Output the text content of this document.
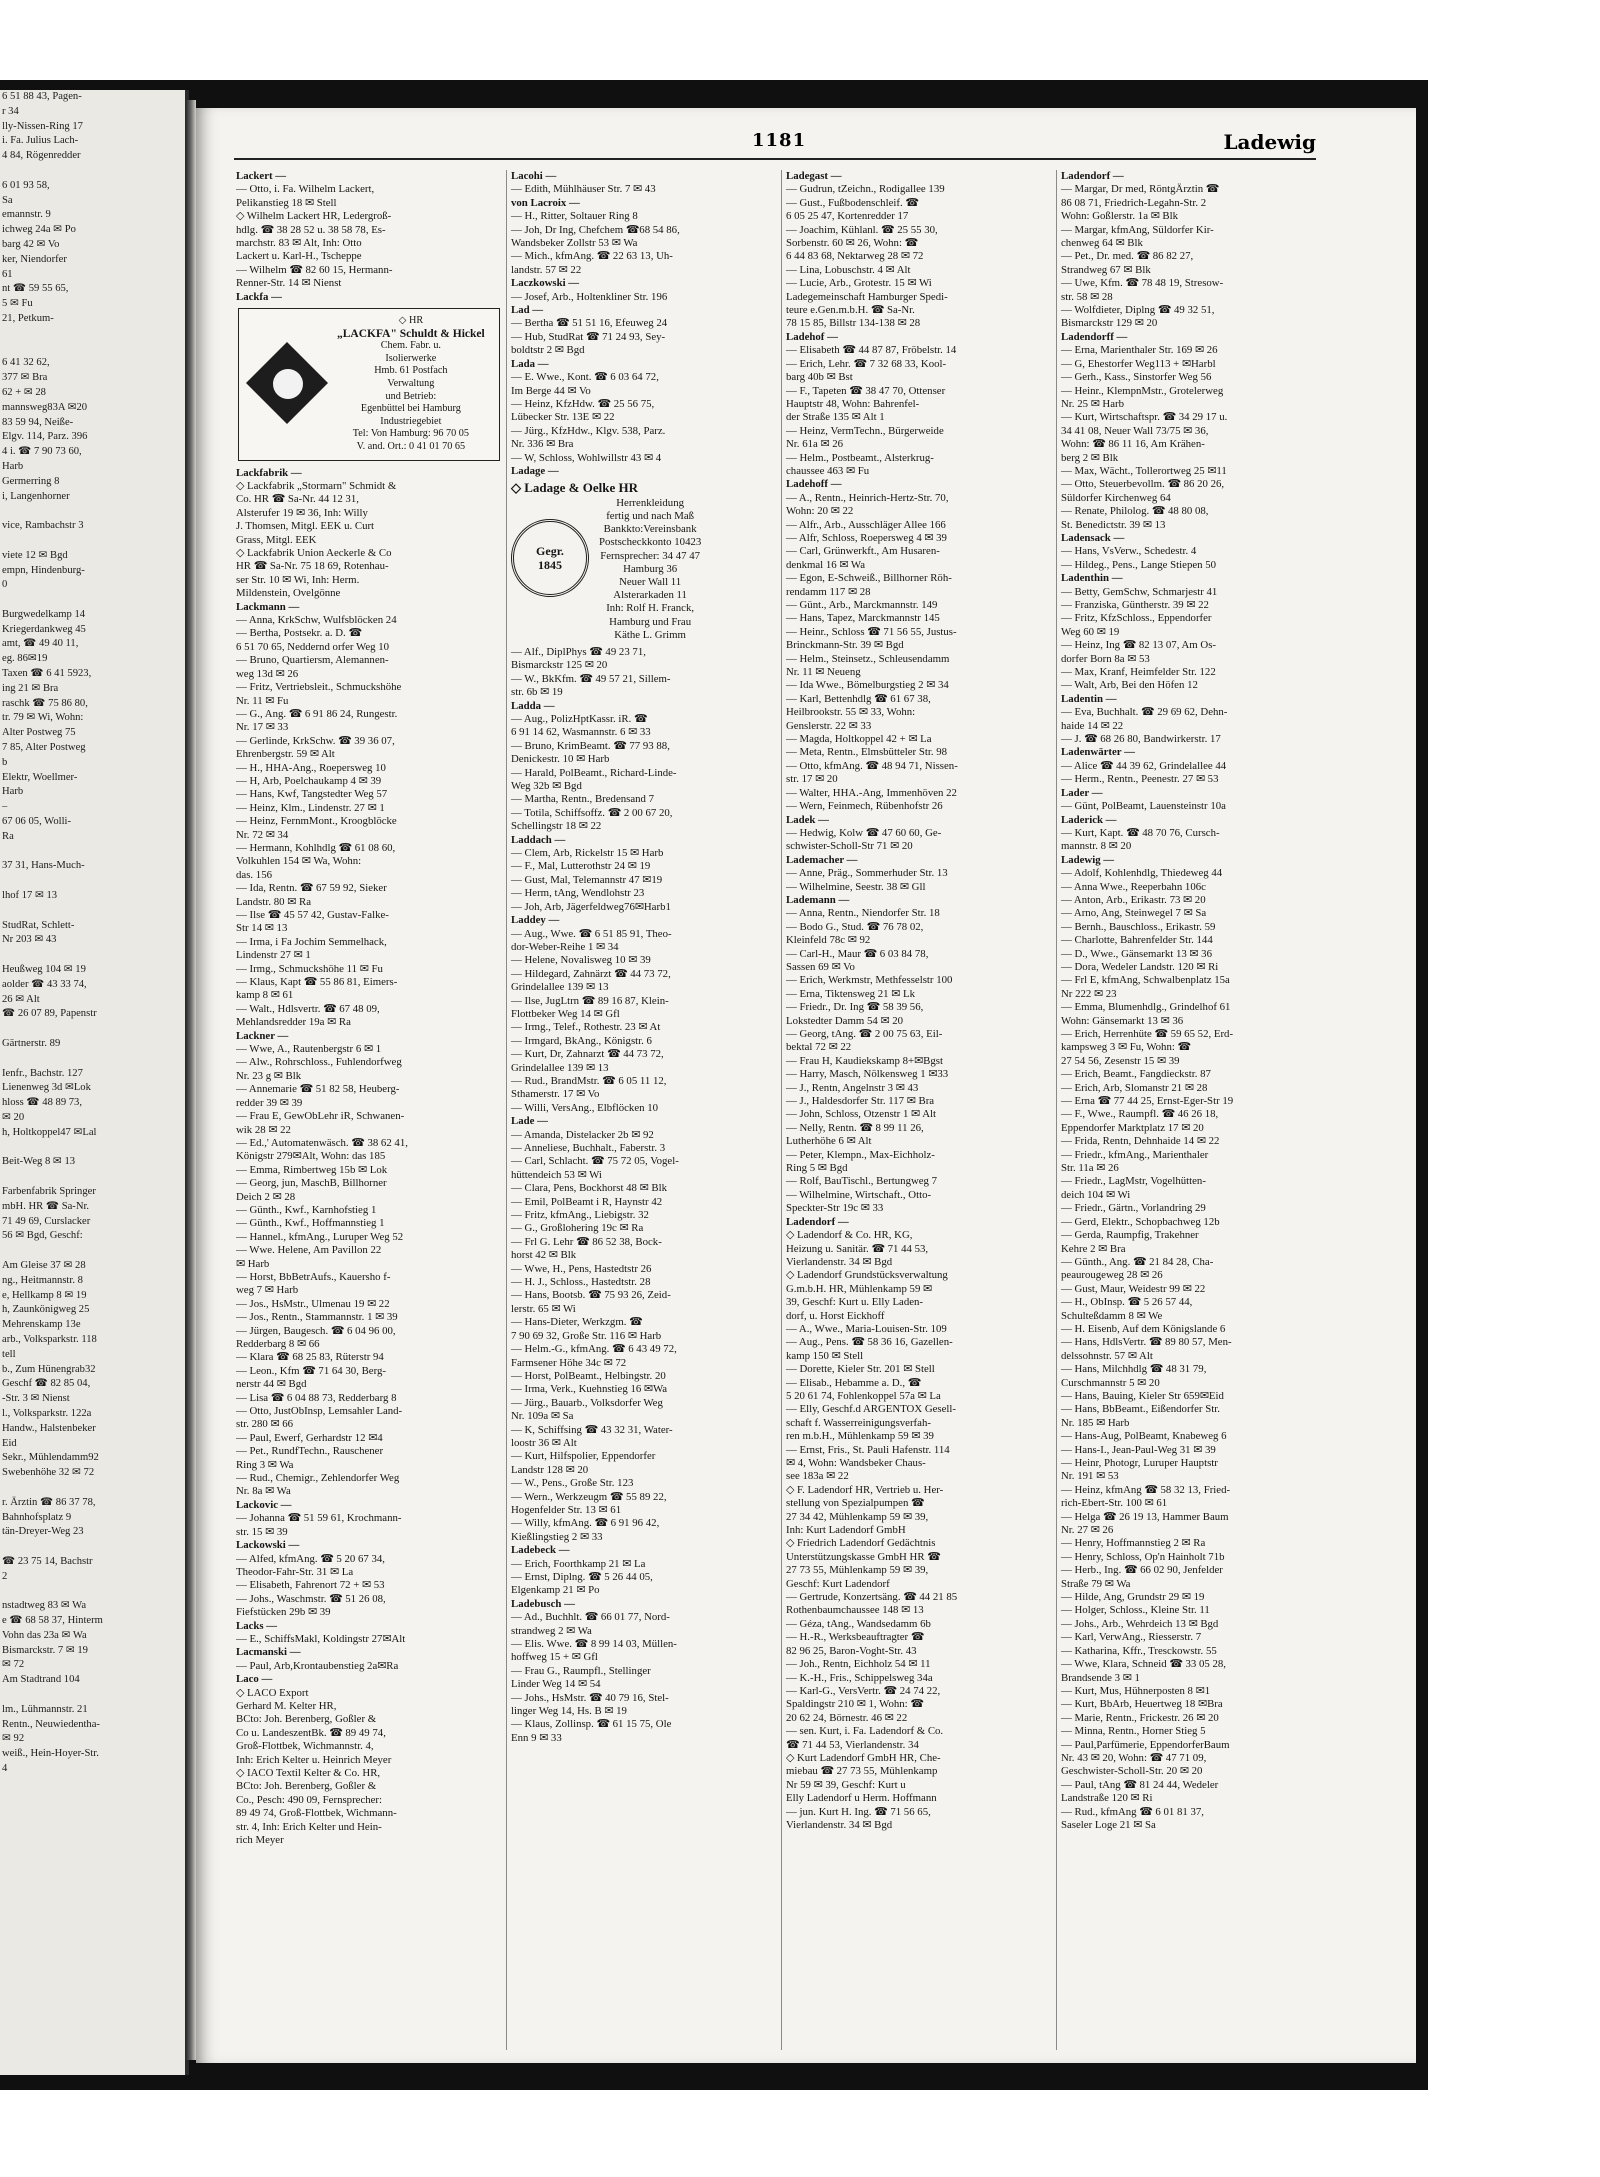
6 51 88 43, Pagen-
r 34
lly-Nissen-Ring 17
i. Fa. Julius Lach-
4 84, Rögenredder

6 01 93 58,
Sa
emannstr. 9
ichweg 24a ✉ Po
barg 42 ✉ Vo
ker, Niendorfer
61
nt ☎ 59 55 65,
5 ✉ Fu
21, Petkum-

6 41 32 62,
377 ✉ Bra
62 + ✉ 28
mannsweg83A ✉20
83 59 94, Neiße-
Elgv. 114, Parz. 396
4 i. ☎ 7 90 73 60,
Harb
Germerring 8
i, Langenhorner

vice, Rambachstr 3

viete 12 ✉ Bgd
empn, Hindenburg-
0

Burgwedelkamp 14
Kriegerdankweg 45
amt, ☎ 49 40 11,
eg. 86✉19
Taxen ☎ 6 41 5923,
ing 21 ✉ Bra
raschk ☎ 75 86 80,
tr. 79 ✉ Wi, Wohn:
Alter Postweg 75
7 85, Alter Postweg
b
Elektr, Woellmer-
Harb
–
67 06 05, Wolli-
Ra

37 31, Hans-Much-

lhof 17 ✉ 13

StudRat, Schlett-
Nr 203 ✉ 43

Heußweg 104 ✉ 19
aolder ☎ 43 33 74,
26 ✉ Alt
☎ 26 07 89, Papenstr

Gärtnerstr. 89

Ienfr., Bachstr. 127
Lienenweg 3d ✉Lok
hloss ☎ 48 89 73,
✉ 20
h, Holtkoppel47 ✉Lal

Beit-Weg 8 ✉ 13

Farbenfabrik Springer
mbH. HR ☎ Sa-Nr.
71 49 69, Curslacker
56 ✉ Bgd, Geschf:

Am Gleise 37 ✉ 28
ng., Heitmannstr. 8
e, Hellkamp 8 ✉ 19
h, Zaunkönigweg 25
Mehrenskamp 13e
arb., Volksparkstr. 118
tell
b., Zum Hünengrab32
Geschf ☎ 82 85 04,
-Str. 3 ✉ Nienst
l., Volksparkstr. 122a
Handw., Halstenbeker
Eid
Sekr., Mühlendamm92
Swebenhöhe 32 ✉ 72

r. Ärztin ☎ 86 37 78,
Bahnhofsplatz 9
tän-Dreyer-Weg 23

☎ 23 75 14, Bachstr
2

nstadtweg 83 ✉ Wa
e ☎ 68 58 37, Hinterm
Vohn das 23a ✉ Wa
Bismarckstr. 7 ✉ 19
✉ 72
Am Stadtrand 104

lm., Lühmannstr. 21
Rentn., Neuwiedenthа-
✉ 92
weiß., Hein-Hoyer-Str.
4
1181	Ladewig
Lackert —
— Otto, i. Fa. Wilhelm Lackert,
Pelikanstieg 18 ✉ Stell
◇ Wilhelm Lackert HR, Ledergroß-
hdlg. ☎ 38 28 52 u. 38 58 78, Es-
marchstr. 83 ✉ Alt, Inh: Otto
Lackert u. Karl-H., Tscheppe
— Wilhelm ☎ 82 60 15, Hermann-
Renner-Str. 14 ✉ Nienst
Lackfa —
◇ HR
„LACKFA" Schuldt & Hickel
Chem. Fabr. u.
Isolierwerke
Hmb. 61 Postfach
Verwaltung
und Betrieb:
Egenbüttel bei Hamburg
Industriegebiet
Tel: Von Hamburg: 96 70 05
V. and. Ort.: 0 41 01 70 65
Lackfabrik —
◇ Lackfabrik „Stormarn" Schmidt &
Co. HR ☎ Sa-Nr. 44 12 31,
Alsterufer 19 ✉ 36, Inh: Willy
J. Thomsen, Mitgl. EEK u. Curt
Grass, Mitgl. EEK
◇ Lackfabrik Union Aeckerle & Co
HR ☎ Sa-Nr. 75 18 69, Rotenhau-
ser Str. 10 ✉ Wi, Inh: Herm.
Mildenstein, Ovelgönne
Lackmann —
— Anna, KrkSchw, Wulfsblöcken 24
— Bertha, Postsekr. a. D. ☎
6 51 70 65, Neddernd orfer Weg 10
— Bruno, Quartiersm, Alemannen-
weg 13d ✉ 26
— Fritz, Vertriebsleit., Schmuckshöhe
Nr. 11 ✉ Fu
— G., Ang. ☎ 6 91 86 24, Rungestr.
Nr. 17 ✉ 33
— Gerlinde, KrkSchw. ☎ 39 36 07,
Ehrenbergstr. 59 ✉ Alt
— H., HHA-Ang., Roepersweg 10
— H, Arb, Poelchaukamp 4 ✉ 39
— Hans, Kwf, Tangstedter Weg 57
— Heinz, Klm., Lindenstr. 27 ✉ 1
— Heinz, FernmMont., Kroogblöcke
Nr. 72 ✉ 34
— Hermann, Kohlhdlg ☎ 61 08 60,
Volkuhlen 154 ✉ Wa, Wohn:
das. 156
— Ida, Rentn. ☎ 67 59 92, Sieker
Landstr. 80 ✉ Ra
— Ilse ☎ 45 57 42, Gustav-Falke-
Str 14 ✉ 13
— Irma, i Fa Jochim Semmelhack,
Lindenstr 27 ✉ 1
— Irmg., Schmuckshöhe 11 ✉ Fu
— Klaus, Kapt ☎ 55 86 81, Eimers-
kamp 8 ✉ 61
— Walt., Hdlsvertr. ☎ 67 48 09,
Mehlandsredder 19a ✉ Ra
Lackner —
— Wwe, A., Rautenbergstr 6 ✉ 1
— Alw., Rohrschloss., Fuhlendorfweg
Nr. 23 g ✉ Blk
— Annemarie ☎ 51 82 58, Heuberg-
redder 39 ✉ 39
— Frau E, GewObLehr iR, Schwanen-
wik 28 ✉ 22
— Ed.,' Automatenwäsch. ☎ 38 62 41,
Königstr 279✉Alt, Wohn: das 185
— Emma, Rimbertweg 15b ✉ Lok
— Georg, jun, MaschB, Billhorner
Deich 2 ✉ 28
— Günth., Kwf., Karnhofstieg 1
— Günth., Kwf., Hoffmannstieg 1
— Hannel., kfmAng., Luruper Weg 52
— Wwe. Helene, Am Pavillon 22
✉ Harb
— Horst, BbBetrAufs., Kauersho f-
weg 7 ✉ Harb
— Jos., HsMstr., Ulmenau 19 ✉ 22
— Jos., Rentn., Stammannstr. 1 ✉ 39
— Jürgen, Baugesch. ☎ 6 04 96 00,
Redderbarg 8 ✉ 66
— Klara ☎ 68 25 83, Rüterstr 94
— Leon., Kfm ☎ 71 64 30, Berg-
nerstr 44 ✉ Bgd
— Lisa ☎ 6 04 88 73, Redderbarg 8
— Otto, JustObInsp, Lemsahler Land-
str. 280 ✉ 66
— Paul, Ewerf, Gerhardstr 12 ✉4
— Pet., RundfTechn., Rauschener
Ring 3 ✉ Wa
— Rud., Chemigr., Zehlendorfer Weg
Nr. 8a ✉ Wa
Lackovic —
— Johanna ☎ 51 59 61, Krochmann-
str. 15 ✉ 39
Lackowski —
— Alfed, kfmAng. ☎ 5 20 67 34,
Theodor-Fahr-Str. 31 ✉ La
— Elisabeth, Fahrenort 72 + ✉ 53
— Johs., Waschmstr. ☎ 51 26 08,
Fiefstücken 29b ✉ 39
Lacks —
— E., SchiffsMakl, Koldingstr 27✉Alt
Lacmanski —
— Paul, Arb,Krontaubenstieg 2a✉Ra
Laco —
◇ LACO Export
Gerhard M. Kelter HR,
BCto: Joh. Berenberg, Goßler &
Co u. LandeszentBk. ☎ 89 49 74,
Groß-Flottbek, Wichmannstr. 4,
Inh: Erich Kelter u. Heinrich Meyer
◇ IACO Textil Kelter & Co. HR,
BCto: Joh. Berenberg, Goßler &
Co., Pesch: 490 09, Fernsprecher:
89 49 74, Groß-Flottbek, Wichmann-
str. 4, Inh: Erich Kelter und Hein-
rich Meyer
Lacohi —
— Edith, Mühlhäuser Str. 7 ✉ 43
von Lacroix —
— H., Ritter, Soltauer Ring 8
— Joh, Dr Ing, Chefchem ☎68 54 86,
Wandsbeker Zollstr 53 ✉ Wa
— Mich., kfmAng. ☎ 22 63 13, Uh-
landstr. 57 ✉ 22
Laczkowski —
— Josef, Arb., Holtenkliner Str. 196
Lad —
— Bertha ☎ 51 51 16, Efeuweg 24
— Hub, StudRat ☎ 71 24 93, Sey-
boldtstr 2 ✉ Bgd
Lada —
— E. Wwe., Kont. ☎ 6 03 64 72,
Im Berge 44 ✉ Vo
— Heinz, KfzHdw. ☎ 25 56 75,
Lübecker Str. 13E ✉ 22
— Jürg., KfzHdw., Klgv. 538, Parz.
Nr. 336 ✉ Bra
— W, Schloss, Wohlwillstr 43 ✉ 4
Ladage —
◇ Ladage & Oelke HR
Gegr.
1845
Herrenkleidung
fertig und nach Maß
Bankkto:Vereinsbank
Postscheckkonto 10423
Fernsprecher: 34 47 47
Hamburg 36
Neuer Wall 11
Alsterarkaden 11
Inh: Rolf H. Franck,
Hamburg und Frau
Käthe L. Grimm
— Alf., DiplPhys ☎ 49 23 71,
Bismarckstr 125 ✉ 20
— W., BkKfm. ☎ 49 57 21, Sillem-
str. 6b ✉ 19
Ladda —
— Aug., PolizHptKassr. iR. ☎
6 91 14 62, Wasmannstr. 6 ✉ 33
— Bruno, KrimBeamt. ☎ 77 93 88,
Denickestr. 10 ✉ Harb
— Harald, PolBeamt., Richard-Linde-
Weg 32b ✉ Bgd
— Martha, Rentn., Bredensand 7
— Totila, Schiffsoffz. ☎ 2 00 67 20,
Schellingstr 18 ✉ 22
Laddach —
— Clem, Arb, Rickelstr 15 ✉ Harb
— F., Mal, Lutterothstr 24 ✉ 19
— Gust, Mal, Telemannstr 47 ✉19
— Herm, tAng, Wendlohstr 23
— Joh, Arb, Jägerfeldweg76✉Harb1
Laddey —
— Aug., Wwe. ☎ 6 51 85 91, Theo-
dor-Weber-Reihe 1 ✉ 34
— Helene, Novalisweg 10 ✉ 39
— Hildegard, Zahnärzt ☎ 44 73 72,
Grindelallee 139 ✉ 13
— Ilse, JugLtrn ☎ 89 16 87, Klein-
Flottbeker Weg 14 ✉ Gfl
— Irmg., Telef., Rothestr. 23 ✉ At
— Irmgard, BkAng., Königstr. 6
— Kurt, Dr, Zahnarzt ☎ 44 73 72,
Grindelallee 139 ✉ 13
— Rud., BrandMstr. ☎ 6 05 11 12,
Sthamerstr. 17 ✉ Vo
— Willi, VersAng., Elbflöcken 10
Lade —
— Amanda, Distelacker 2b ✉ 92
— Anneliese, Buchhalt., Faberstr. 3
— Carl, Schlacht. ☎ 75 72 05, Vogel-
hüttendeich 53 ✉ Wi
— Clara, Pens, Bockhorst 48 ✉ Blk
— Emil, PolBeamt i R, Haynstr 42
— Fritz, kfmAng., Liebigstr. 32
— G., Großlohering 19c ✉ Ra
— Frl G. Lehr ☎ 86 52 38, Bock-
horst 42 ✉ Blk
— Wwe, H., Pens, Hastedtstr 26
— H. J., Schloss., Hastedtstr. 28
— Hans, Bootsb. ☎ 75 93 26, Zeid-
lerstr. 65 ✉ Wi
— Hans-Dieter, Werkzgm. ☎
7 90 69 32, Große Str. 116 ✉ Harb
— Helm.-G., kfmAng. ☎ 6 43 49 72,
Farmsener Höhe 34c ✉ 72
— Horst, PolBeamt., Helbingstr. 20
— Irma, Verk., Kuehnstieg 16 ✉Wa
— Jürg., Bauarb., Volksdorfer Weg
Nr. 109a ✉ Sa
— K, Schiffsing ☎ 43 32 31, Water-
loostr 36 ✉ Alt
— Kurt, Hilfspolier, Eppendorfer
Landstr 128 ✉ 20
— W., Pens., Große Str. 123
— Wern., Werkzeugm ☎ 55 89 22,
Hogenfelder Str. 13 ✉ 61
— Willy, kfmAng. ☎ 6 91 96 42,
Kießlingstieg 2 ✉ 33
Ladebeck —
— Erich, Foorthkamp 21 ✉ La
— Ernst, Diplng. ☎ 5 26 44 05,
Elgenkamp 21 ✉ Po
Ladebusch —
— Ad., Buchhlt. ☎ 66 01 77, Nord-
strandweg 2 ✉ Wa
— Elis. Wwe. ☎ 8 99 14 03, Müllen-
hoffweg 15 + ✉ Gfl
— Frau G., Raumpfl., Stellinger
Linder Weg 14 ✉ 54
— Johs., HsMstr. ☎ 40 79 16, Stel-
linger Weg 14, Hs. B ✉ 19
— Klaus, Zollinsp. ☎ 61 15 75, Ole
Enn 9 ✉ 33
Ladegast —
— Gudrun, tZeichn., Rodigallee 139
— Gust., Fußbodenschleif. ☎
6 05 25 47, Kortenredder 17
— Joachim, Kühlanl. ☎ 25 55 30,
Sorbenstr. 60 ✉ 26, Wohn: ☎
6 44 83 68, Nektarweg 28 ✉ 72
— Lina, Lobuschstr. 4 ✉ Alt
— Lucie, Arb., Grotestr. 15 ✉ Wi
Ladegemeinschaft Hamburger Spedi-
teure e.Gen.m.b.H. ☎ Sa-Nr.
78 15 85, Billstr 134-138 ✉ 28
Ladehof —
— Elisabeth ☎ 44 87 87, Fröbelstr. 14
— Erich, Lehr. ☎ 7 32 68 33, Kool-
barg 40b ✉ Bst
— F., Tapeten ☎ 38 47 70, Ottenser
Hauptstr 48, Wohn: Bahrenfel-
der Straße 135 ✉ Alt 1
— Heinz, VermTechn., Bürgerweide
Nr. 61a ✉ 26
— Helm., Postbeamt., Alsterkrug-
chaussee 463 ✉ Fu
Ladehoff —
— A., Rentn., Heinrich-Hertz-Str. 70,
Wohn: 20 ✉ 22
— Alfr., Arb., Ausschläger Allee 166
— Alfr, Schloss, Roepersweg 4 ✉ 39
— Carl, Grünwerkft., Am Husaren-
denkmal 16 ✉ Wa
— Egon, E-Schweiß., Billhorner Röh-
rendamm 117 ✉ 28
— Günt., Arb., Marckmannstr. 149
— Hans, Tapez, Marckmannstr 145
— Heinr., Schloss ☎ 71 56 55, Justus-
Brinckmann-Str. 39 ✉ Bgd
— Helm., Steinsetz., Schleusendamm
Nr. 11 ✉ Neueng
— Ida Wwe., Bömelburgstieg 2 ✉ 34
— Karl, Bettenhdlg ☎ 61 67 38,
Heilbrookstr. 55 ✉ 33, Wohn:
Genslerstr. 22 ✉ 33
— Magda, Holtkoppel 42 + ✉ La
— Meta, Rentn., Elmsbütteler Str. 98
— Otto, kfmAng. ☎ 48 94 71, Nissen-
str. 17 ✉ 20
— Walter, HHA.-Ang, Immenhöven 22
— Wern, Feinmech, Rübenhofstr 26
Ladek —
— Hedwig, Kolw ☎ 47 60 60, Ge-
schwister-Scholl-Str 71 ✉ 20
Lademacher —
— Anne, Präg., Sommerhuder Str. 13
— Wilhelmine, Seestr. 38 ✉ Gll
Lademann —
— Anna, Rentn., Niendorfer Str. 18
— Bodo G., Stud. ☎ 76 78 02,
Kleinfeld 78c ✉ 92
— Carl-H., Maur ☎ 6 03 84 78,
Sassen 69 ✉ Vo
— Erich, Werkmstr, Methfesselstr 100
— Erna, Tiktensweg 21 ✉ Lk
— Friedr., Dr. Ing ☎ 58 39 56,
Lokstedter Damm 54 ✉ 20
— Georg, tAng. ☎ 2 00 75 63, Eil-
bektal 72 ✉ 22
— Frau H, Kaudiekskamp 8+✉Bgst
— Harry, Masch, Nölkensweg 1 ✉33
— J., Rentn, Angelnstr 3 ✉ 43
— J., Haldesdorfer Str. 117 ✉ Bra
— John, Schloss, Otzenstr 1 ✉ Alt
— Nelly, Rentn. ☎ 8 99 11 26,
Lutherhöhe 6 ✉ Alt
— Peter, Klempn., Max-Eichholz-
Ring 5 ✉ Bgd
— Rolf, BauTischl., Bertungweg 7
— Wilhelmine, Wirtschaft., Otto-
Speckter-Str 19c ✉ 33
Ladendorf —
◇ Ladendorf & Co. HR, KG,
Heizung u. Sanitär. ☎ 71 44 53,
Vierlandenstr. 34 ✉ Bgd
◇ Ladendorf Grundstücksverwaltung
G.m.b.H. HR, Mühlenkamp 59 ✉
39, Geschf: Kurt u. Elly Laden-
dorf, u. Horst Eickhoff
— A., Wwe., Maria-Louisen-Str. 109
— Aug., Pens. ☎ 58 36 16, Gazellen-
kamp 150 ✉ Stell
— Dorette, Kieler Str. 201 ✉ Stell
— Elisab., Hebamme a. D., ☎
5 20 61 74, Fohlenkoppel 57a ✉ La
— Elly, Geschf.d ARGENTOX Gesell-
schaft f. Wasserreinigungsverfah-
ren m.b.H., Mühlenkamp 59 ✉ 39
— Ernst, Fris., St. Pauli Hafenstr. 114
✉ 4, Wohn: Wandsbeker Chaus-
see 183a ✉ 22
◇ F. Ladendorf HR, Vertrieb u. Her-
stellung von Spezialpumpen ☎
27 34 42, Mühlenkamp 59 ✉ 39,
Inh: Kurt Ladendorf GmbH
◇ Friedrich Ladendorf Gedächtnis
Unterstützungskasse GmbH HR ☎
27 73 55, Mühlenkamp 59 ✉ 39,
Geschf: Kurt Ladendorf
— Gertrude, Konzertsäng. ☎ 44 21 85
Rothenbaumchaussee 148 ✉ 13
— Géza, tAng., Wandsedamm 6b
— H.-R., Werksbeauftragter ☎
82 96 25, Baron-Voght-Str. 43
— Joh., Rentn, Eichholz 54 ✉ 11
— K.-H., Fris., Schippelsweg 34a
— Karl-G., VersVertr. ☎ 24 74 22,
Spaldingstr 210 ✉ 1, Wohn: ☎
20 62 24, Börnestr. 46 ✉ 22
— sen. Kurt, i. Fa. Ladendorf & Co.
☎ 71 44 53, Vierlandenstr. 34
◇ Kurt Ladendorf GmbH HR, Che-
miebau ☎ 27 73 55, Mühlenkamp
Nr 59 ✉ 39, Geschf: Kurt u
Elly Ladendorf u Herm. Hoffmann
— jun. Kurt H. Ing. ☎ 71 56 65,
Vierlandenstr. 34 ✉ Bgd
Ladendorf —
— Margar, Dr med, RöntgÄrztin ☎
86 08 71, Friedrich-Legahn-Str. 2
Wohn: Goßlerstr. 1a ✉ Blk
— Margar, kfmAng, Süldorfer Kir-
chenweg 64 ✉ Blk
— Pet., Dr. med. ☎ 86 82 27,
Strandweg 67 ✉ Blk
— Uwe, Kfm. ☎ 78 48 19, Stresow-
str. 58 ✉ 28
— Wolfdieter, Diplng ☎ 49 32 51,
Bismarckstr 129 ✉ 20
Ladendorff —
— Erna, Marienthaler Str. 169 ✉ 26
— G, Ehestorfer Weg113 + ✉Harbl
— Gerh., Kass., Sinstorfer Weg 56
— Heinr., KlempnMstr., Grotelerweg
Nr. 25 ✉ Harb
— Kurt, Wirtschaftspr. ☎ 34 29 17 u.
34 41 08, Neuer Wall 73/75 ✉ 36,
Wohn: ☎ 86 11 16, Am Krähen-
berg 2 ✉ Blk
— Max, Wächt., Tollerortweg 25 ✉11
— Otto, Steuerbevollm. ☎ 86 20 26,
Süldorfer Kirchenweg 64
— Renate, Philolog. ☎ 48 80 08,
St. Benedictstr. 39 ✉ 13
Ladensack —
— Hans, VsVerw., Schedestr. 4
— Hildeg., Pens., Lange Stiepen 50
Ladenthin —
— Betty, GemSchw, Schmarjestr 41
— Franziska, Güntherstr. 39 ✉ 22
— Fritz, KfzSchloss., Eppendorfer
Weg 60 ✉ 19
— Heinz, Ing ☎ 82 13 07, Am Os-
dorfer Born 8a ✉ 53
— Max, Kranf, Heimfelder Str. 122
— Walt, Arb, Bei den Höfen 12
Ladentin —
— Eva, Buchhalt. ☎ 29 69 62, Dehn-
haide 14 ✉ 22
— J. ☎ 68 26 80, Bandwirkerstr. 17
Ladenwärter —
— Alice ☎ 44 39 62, Grindelallee 44
— Herm., Rentn., Peenestr. 27 ✉ 53
Lader —
— Günt, PolBeamt, Lauensteinstr 10a
Laderick —
— Kurt, Kapt. ☎ 48 70 76, Cursch-
mannstr. 8 ✉ 20
Ladewig —
— Adolf, Kohlenhdlg, Thiedeweg 44
— Anna Wwe., Reeperbahn 106c
— Anton, Arb., Erikastr. 73 ✉ 20
— Arno, Ang, Steinwegel 7 ✉ Sa
— Bernh., Bauschloss., Erikastr. 59
— Charlotte, Bahrenfelder Str. 144
— D., Wwe., Gänsemarkt 13 ✉ 36
— Dora, Wedeler Landstr. 120 ✉ Ri
— Frl E, kfmAng, Schwalbenplatz 15a
Nr 222 ✉ 23
— Emma, Blumenhdlg., Grindelhof 61
Wohn: Gänsemarkt 13 ✉ 36
— Erich, Herrenhüte ☎ 59 65 52, Erd-
kampsweg 3 ✉ Fu, Wohn: ☎
27 54 56, Zesenstr 15 ✉ 39
— Erich, Beamt., Fangdieckstr. 87
— Erich, Arb, Slomanstr 21 ✉ 28
— Erna ☎ 77 44 25, Ernst-Eger-Str 19
— F., Wwe., Raumpfl. ☎ 46 26 18,
Eppendorfer Marktplatz 17 ✉ 20
— Frida, Rentn, Dehnhaide 14 ✉ 22
— Friedr., kfmAng., Marienthaler
Str. 11a ✉ 26
— Friedr., LagMstr, Vogelhütten-
deich 104 ✉ Wi
— Friedr., Gärtn., Vorlandring 29
— Gerd, Elektr., Schopbachweg 12b
— Gerda, Raumpfig, Trakehner
Kehre 2 ✉ Bra
— Günth., Ang. ☎ 21 84 28, Cha-
peaurougeweg 28 ✉ 26
— Gust, Maur, Weidestr 99 ✉ 22
— H., ObInsp. ☎ 5 26 57 44,
Schulteßdamm 8 ✉ We
— H. Eisenb, Auf dem Königslande 6
— Hans, HdlsVertr. ☎ 89 80 57, Men-
delssohnstr. 57 ✉ Alt
— Hans, Milchhdlg ☎ 48 31 79,
Curschmannstr 5 ✉ 20
— Hans, Bauing, Kieler Str 659✉Eid
— Hans, BbBeamt., Eißendorfer Str.
Nr. 185 ✉ Harb
— Hans-Aug, PolBeamt, Knabeweg 6
— Hans-I., Jean-Paul-Weg 31 ✉ 39
— Heinr, Photogr, Luruper Hauptstr
Nr. 191 ✉ 53
— Heinz, kfmAng ☎ 58 32 13, Fried-
rich-Ebert-Str. 100 ✉ 61
— Helga ☎ 26 19 13, Hammer Baum
Nr. 27 ✉ 26
— Henry, Hoffmannstieg 2 ✉ Ra
— Henry, Schloss, Op'n Hainholt 71b
— Herb., Ing. ☎ 66 02 90, Jenfelder
Straße 79 ✉ Wa
— Hilde, Ang, Grundstr 29 ✉ 19
— Holger, Schloss., Kleine Str. 11
— Johs., Arb., Wehrdeich 13 ✉ Bgd
— Karl, VerwAng., Riesserstr. 7
— Katharina, Kffr., Tresckowstr. 55
— Wwe, Klara, Schneid ☎ 33 05 28,
Brandsende 3 ✉ 1
— Kurt, Mus, Hühnerposten 8 ✉1
— Kurt, BbArb, Heuertweg 18 ✉Bra
— Marie, Rentn., Frickestr. 26 ✉ 20
— Minna, Rentn., Horner Stieg 5
— Paul,Parfümerie, EppendorferBaum
Nr. 43 ✉ 20, Wohn: ☎ 47 71 09,
Geschwister-Scholl-Str. 20 ✉ 20
— Paul, tAng ☎ 81 24 44, Wedeler
Landstraße 120 ✉ Ri
— Rud., kfmAng ☎ 6 01 81 37,
Saseler Loge 21 ✉ Sa
